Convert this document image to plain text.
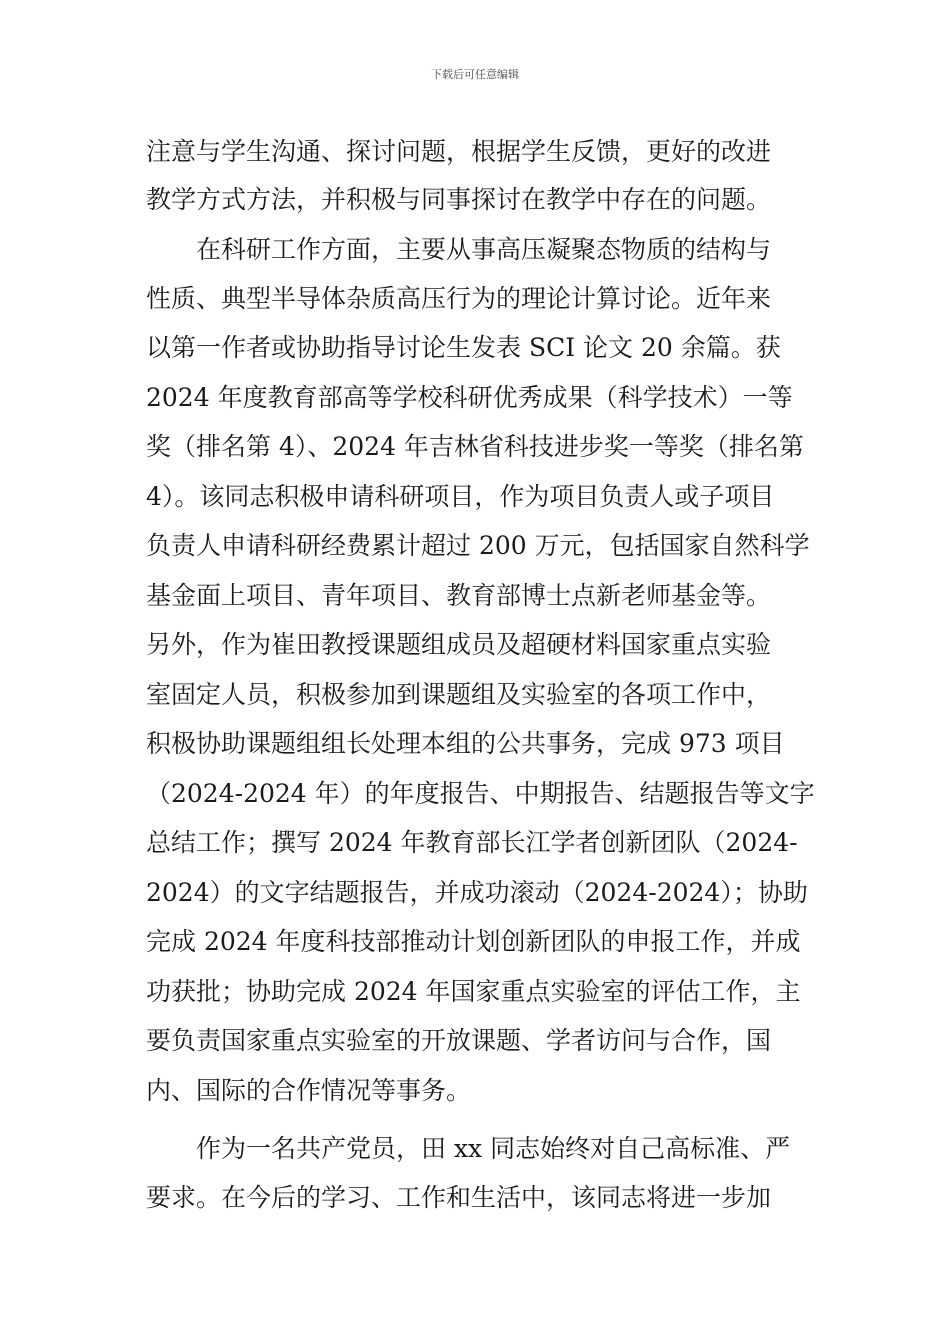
下载后可任意编辑
注意与学生沟通、探讨问题，根据学生反馈，更好的改进
教学方式方法，并积极与同事探讨在教学中存在的问题。
在科研工作方面，主要从事高压凝聚态物质的结构与
性质、典型半导体杂质高压行为的理论计算讨论。近年来
以第一作者或协助指导讨论生发表 SCI 论文 20 余篇。获
2024 年度教育部高等学校科研优秀成果（科学技术）一等
奖（排名第 4）、2024 年吉林省科技进步奖一等奖（排名第
4）。该同志积极申请科研项目，作为项目负责人或子项目
负责人申请科研经费累计超过 200 万元，包括国家自然科学
基金面上项目、青年项目、教育部博士点新老师基金等。
另外，作为崔田教授课题组成员及超硬材料国家重点实验
室固定人员，积极参加到课题组及实验室的各项工作中，
积极协助课题组组长处理本组的公共事务，完成 973 项目
（2024-2024 年）的年度报告、中期报告、结题报告等文字
总结工作；撰写 2024 年教育部长江学者创新团队（2024-
2024）的文字结题报告，并成功滚动（2024-2024）；协助
完成 2024 年度科技部推动计划创新团队的申报工作，并成
功获批；协助完成 2024 年国家重点实验室的评估工作，主
要负责国家重点实验室的开放课题、学者访问与合作，国
内、国际的合作情况等事务。
作为一名共产党员，田 xx 同志始终对自己高标准、严
要求。在今后的学习、工作和生活中，该同志将进一步加
